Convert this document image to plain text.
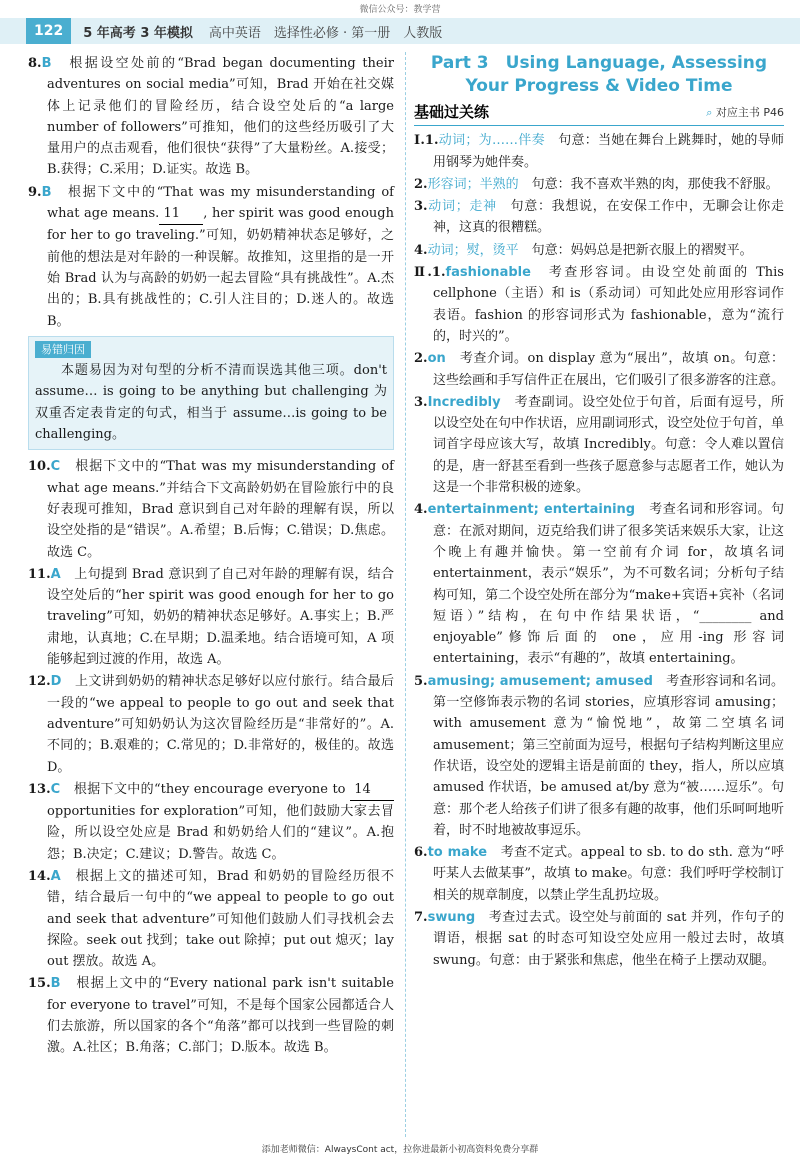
微信公众号：教学营
122	5 年高考 3 年模拟 高中英语　选择性必修 · 第一册　人教版

8.B　 根据设空处前的“Brad began documenting their adventures on social media”可知，Brad 开始在社交媒体上记录他们的冒险经历，结合设空处后的“a large number of followers”可推知，他们的这些经历吸引了大量用户的点击观看，他们很快“获得”了大量粉丝。A.接受；B.获得；C.采用；D.证实。故选 B。

9.B　 根据下文中的“That was my misunderstanding of what age means. 11 , her spirit was good enough for her to go traveling.”可知，奶奶精神状态足够好，之前他的想法是对年龄的一种误解。故推知，这里指的是一开始 Brad 认为与高龄的奶奶一起去冒险“具有挑战性”。A.杰出的；B.具有挑战性的；C.引人注目的；D.迷人的。故选 B。

易错归因

本题易因为对句型的分析不清而误选其他三项。don't assume… is going to be anything but challenging 为双重否定表肯定的句式，相当于 assume…is going to be challenging。

10.C　 根据下文中的“That was my misunderstanding of what age means.”并结合下文高龄奶奶在冒险旅行中的良好表现可推知，Brad 意识到自己对年龄的理解有误，所以设空处指的是“错误”。A.希望；B.后悔；C.错误；D.焦虑。故选 C。

11.A　 上句提到 Brad 意识到了自己对年龄的理解有误，结合设空处后的“her spirit was good enough for her to go traveling”可知，奶奶的精神状态足够好。A.事实上；B.严肃地，认真地；C.在早期；D.温柔地。结合语境可知，A 项能够起到过渡的作用，故选 A。

12.D　 上文讲到奶奶的精神状态足够好以应付旅行。结合最后一段的“we appeal to people to go out and seek that adventure”可知奶奶认为这次冒险经历是“非常好的”。A.不同的；B.艰难的；C.常见的；D.非常好的，极佳的。故选 D。

13.C　 根据下文中的“they encourage everyone to 14 opportunities for exploration”可知，他们鼓励大家去冒险，所以设空处应是 Brad 和奶奶给人们的“建议”。A.抱怨；B.决定；C.建议；D.警告。故选 C。

14.A　 根据上文的描述可知，Brad 和奶奶的冒险经历很不错，结合最后一句中的“we appeal to people to go out and seek that adventure”可知他们鼓励人们寻找机会去探险。seek out 找到；take out 除掉；put out 熄灭；lay out 摆放。故选 A。

15.B　 根据上文中的“Every national park isn't suitable for everyone to travel”可知，不是每个国家公园都适合人们去旅游，所以国家的各个“角落”都可以找到一些冒险的刺激。A.社区；B.角落；C.部门；D.版本。故选 B。

Part 3　Using Language, Assessing
Your Progress & Video Time
基础过关练	⌕ 对应主书 P46

Ⅰ.1.动词；为……伴奏　 句意：当她在舞台上跳舞时，她的导师用钢琴为她伴奏。

2.形容词；半熟的　 句意：我不喜欢半熟的肉，那使我不舒服。

3.动词；走神　 句意：我想说，在安保工作中，无聊会让你走神，这真的很糟糕。

4.动词；熨，烫平　 句意：妈妈总是把新衣服上的褶熨平。

Ⅱ.1.fashionable　 考查形容词。由设空处前面的 This cellphone（主语）和 is（系动词）可知此处应用形容词作表语。fashion 的形容词形式为 fashionable，意为“流行的，时兴的”。

2.on　 考查介词。on display 意为“展出”，故填 on。句意：这些绘画和手写信件正在展出，它们吸引了很多游客的注意。

3.Incredibly　 考查副词。设空处位于句首，后面有逗号，所以设空处在句中作状语，应用副词形式，设空处位于句首，单词首字母应该大写，故填 Incredibly。句意：令人难以置信的是，唐一舒甚至看到一些孩子愿意参与志愿者工作，她认为这是一个非常积极的迹象。

4.entertainment; entertaining　 考查名词和形容词。句意：在派对期间，迈克给我们讲了很多笑话来娱乐大家，让这个晚上有趣并愉快。第一空前有介词 for，故填名词 entertainment，表示“娱乐”，为不可数名词；分析句子结构可知，第二个设空处所在部分为“make+宾语+宾补（名词短语）”结构，在句中作结果状语，“________ and enjoyable”修饰后面的 one，应用-ing 形容词 entertaining，表示“有趣的”，故填 entertaining。

5.amusing; amusement; amused　 考查形容词和名词。第一空修饰表示物的名词 stories，应填形容词 amusing；with amusement 意为“愉悦地”，故第二空填名词 amusement；第三空前面为逗号，根据句子结构判断这里应作状语，设空处的逻辑主语是前面的 they，指人，所以应填 amused 作状语，be amused at/by 意为“被……逗乐”。句意：那个老人给孩子们讲了很多有趣的故事，他们乐呵呵地听着，时不时地被故事逗乐。

6.to make　 考查不定式。appeal to sb. to do sth. 意为“呼吁某人去做某事”，故填 to make。句意：我们呼吁学校制订相关的规章制度，以禁止学生乱扔垃圾。

7.swung　 考查过去式。设空处与前面的 sat 并列，作句子的谓语，根据 sat 的时态可知设空处应用一般过去时，故填 swung。句意：由于紧张和焦虑，他坐在椅子上摆动双腿。

添加老师微信：AlwaysCont act，拉你进最新小初高资料免费分享群
